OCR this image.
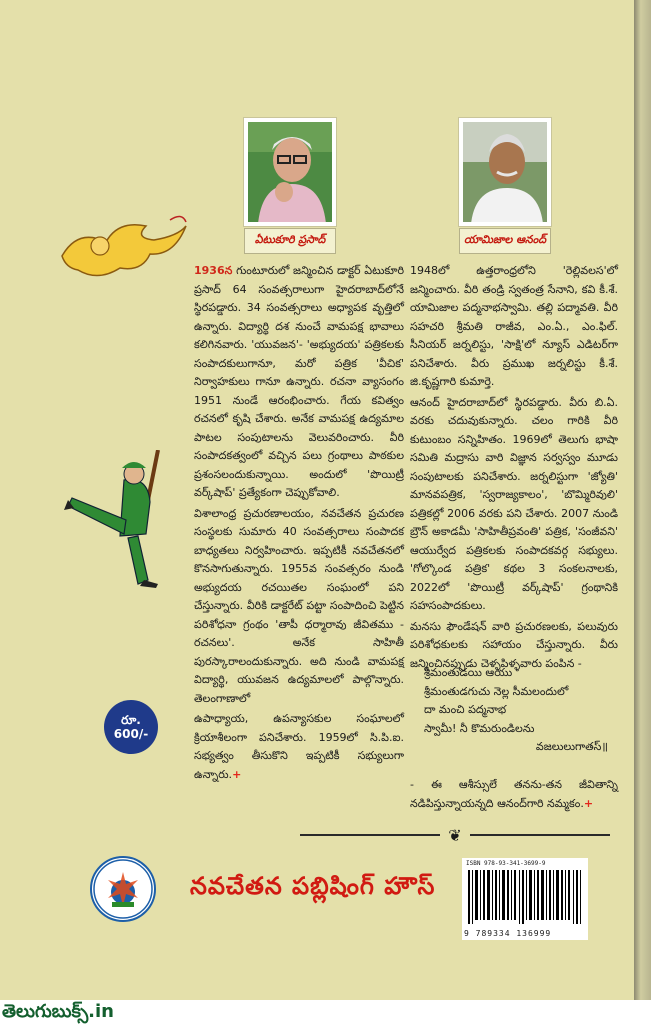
ఏటుకూరి ప్రసాద్	యామిజాల ఆనంద్

1936న గుంటూరులో జన్మించిన డాక్టర్ ఏటుకూరి ప్రసాద్ 64 సంవత్సరాలుగా హైదరాబాద్‌లోనే స్థిరపడ్డారు. 34 సంవత్సరాలు అధ్యాపక వృత్తిలో ఉన్నారు. విద్యార్థి దశ నుంచే వామపక్ష భావాలు కలిగినవారు. 'యువజన'- 'అభ్యుదయ' పత్రికలకు సంపాదకులుగానూ, మరో పత్రిక 'వీచిక' నిర్వాహకులు గానూ ఉన్నారు. రచనా వ్యాసంగం 1951 నుండే ఆరంభించారు. గేయ కవిత్వం రచనలో కృషి చేశారు. అనేక వామపక్ష ఉద్యమాల పాటల సంపుటాలను వెలువరించారు. వీరి సంపాదకత్వంలో వచ్చిన పలు గ్రంథాలు పాఠకుల ప్రశంసలందుకున్నాయి. అందులో 'పొయిట్రీ వర్క్‌షాప్' ప్రత్యేకంగా చెప్పుకోవాలి.

విశాలాంధ్ర ప్రచురణాలయం, నవచేతన ప్రచురణ సంస్థలకు సుమారు 40 సంవత్సరాలు సంపాదక బాధ్యతలు నిర్వహించారు. ఇప్పటికీ నవచేతనలో కొనసాగుతున్నారు. 1955వ సంవత్సరం నుండి అభ్యుదయ రచయితల సంఘంలో పని చేస్తున్నారు. వీరికి డాక్టరేట్ పట్టా సంపాదించి పెట్టిన పరిశోధనా గ్రంథం 'తాపీ ధర్మారావు జీవితము - రచనలు'. అనేక సాహితీ పురస్కారాలందుకున్నారు. అది నుండి వామపక్ష విద్యార్థి, యువజన ఉద్యమాలలో పాల్గొన్నారు. తెలంగాణాలో

ఉపాధ్యాయ, ఉపన్యాసకుల సంఘాలలో క్రియాశీలంగా పనిచేశారు. 1959లో సి.పి.ఐ. సభ్యత్వం తీసుకొని ఇప్పటికీ సభ్యులుగా ఉన్నారు.+

1948లో ఉత్తరాంధ్రలోని 'రెల్లివలస'లో జన్మించారు. వీరి తండ్రి స్వతంత్ర సేనాని, కవి కీ.శే. యామిజాల పద్మనాభస్వామి. తల్లి పద్మావతి. వీరి సహచరి శ్రీమతి రాజీవ, ఎం.ఏ., ఎం.ఫిల్. సీనియర్ జర్నలిస్టు, 'సాక్షి'లో న్యూస్ ఎడిటర్‌గా పనిచేశారు. వీరు ప్రముఖ జర్నలిస్టు కీ.శే. జి.కృష్ణగారి కుమార్తె.

ఆనంద్ హైదరాబాద్‌లో స్థిరపడ్డారు. వీరు బి.ఏ. వరకు చదువుకున్నారు. చలం గారికి వీరి కుటుంబం సన్నిహితం. 1969లో తెలుగు భాషా సమితి మద్రాసు వారి విజ్ఞాన సర్వస్వం మూడు సంపుటాలకు పనిచేశారు. జర్నలిస్టుగా 'జ్యోతి' మానవపత్రిక, 'స్వరాజ్యకాలం', 'బొమ్మిరివులి' పత్రికల్లో 2006 వరకు పని చేశారు. 2007 నుండి బ్రౌన్ అకాడమీ 'సాహితీప్రవంతి' పత్రిక, 'సంజీవని' ఆయుర్వేద పత్రికలకు సంపాదకవర్గ సభ్యులు. 'గోల్కొండ పత్రిక' కథల 3 సంకలనాలకు, 2022లో 'పొయిట్రీ వర్క్‌షాప్' గ్రంథానికి సహసంపాదకులు.

మనసు ఫౌండేషన్ వారి ప్రచురణలకు, పలువురు పరిశోధకులకు సహాయం చేస్తున్నారు. వీరు జన్మించినప్పుడు చెళ్ళపిళ్ళవారు పంపిన -

శ్రీమంతుడయి ఆయు
శ్రీమంతుడగుచు నెల్ల సీమలందులో
దా మంచి పద్మనాభ
స్వామీ! నీ కొమరుండిలను
వజలులుగాతస్॥
- ఈ ఆశీస్సులే తనను-తన జీవితాన్ని నడిపిస్తున్నాయన్నది ఆనంద్‌గారి నమ్మకం.+
రూ.
600/-
❦
నవచేతన పబ్లిషింగ్ హౌస్
ISBN 978-93-341-3699-9
9 789334 136999
తెలుగుబుక్స్.in
